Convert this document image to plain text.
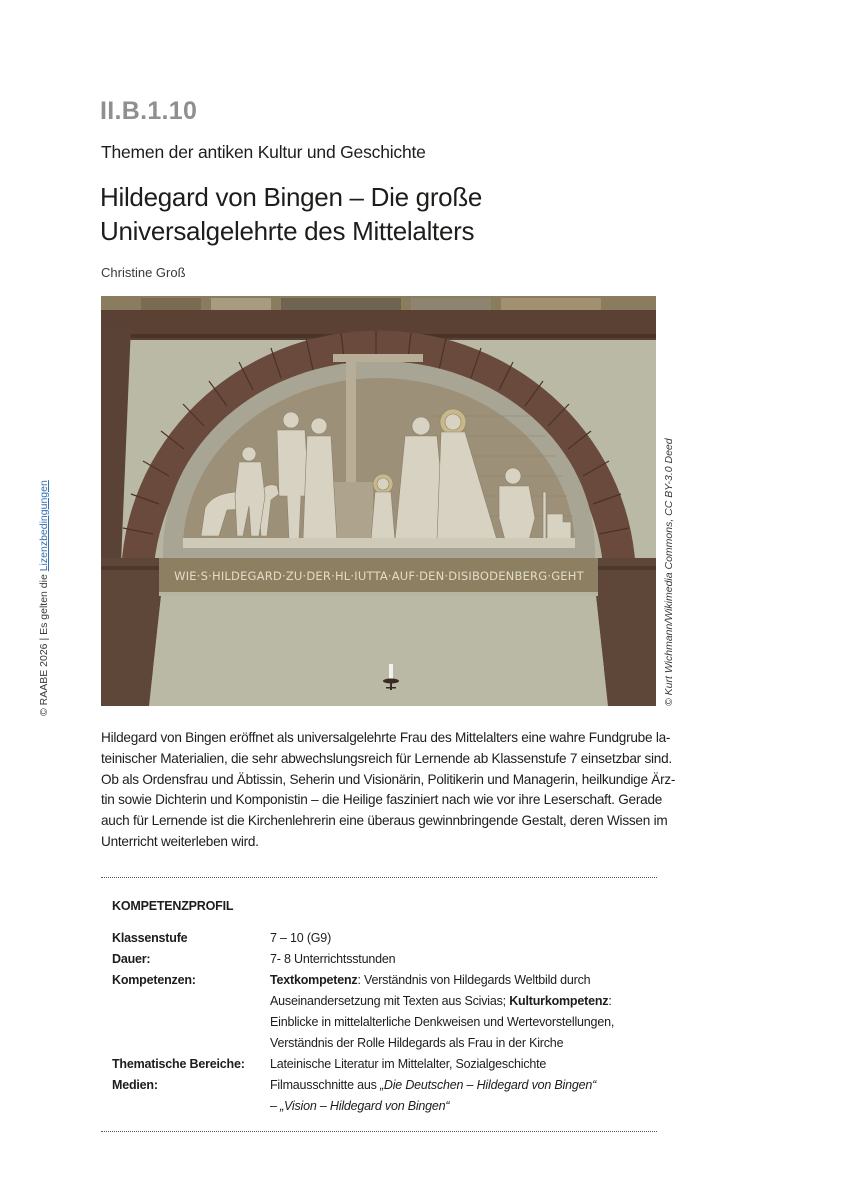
II.B.1.10
Themen der antiken Kultur und Geschichte
Hildegard von Bingen – Die große
Universalgelehrte des Mittelalters
Christine Groß
© RAABE 2026 | Es gelten die Lizenzbedingungen
WIE·S·HILDEGARD·ZU·DER·HL·IUTTA·AUF·DEN·DISIBODENBERG·GEHT	© Kurt Wichmann/Wikimedia Commons, CC BY-3.0 Deed
Hildegard von Bingen eröffnet als universalgelehrte Frau des Mittelalters eine wahre Fundgrube la-
teinischer Materialien, die sehr abwechslungsreich für Lernende ab Klassenstufe 7 einsetzbar sind.
Ob als Ordensfrau und Äbtissin, Seherin und Visionärin, Politikerin und Managerin, heilkundige Ärz-
tin sowie Dichterin und Komponistin – die Heilige fasziniert nach wie vor ihre Leserschaft. Gerade
auch für Lernende ist die Kirchenlehrerin eine überaus gewinnbringende Gestalt, deren Wissen im
Unterricht weiterleben wird.
KOMPETENZPROFIL
Klassenstufe	7 – 10 (G9)
Dauer:	7- 8 Unterrichtsstunden
Kompetenzen:	Textkompetenz: Verständnis von Hildegards Weltbild durch
Auseinandersetzung mit Texten aus Scivias; Kulturkompetenz:
Einblicke in mittelalterliche Denkweisen und Wertevorstellungen,
Verständnis der Rolle Hildegards als Frau in der Kirche
Thematische Bereiche: Lateinische Literatur im Mittelalter, Sozialgeschichte
Medien:	Filmausschnitte aus „Die Deutschen – Hildegard von Bingen“
– „Vision – Hildegard von Bingen“
